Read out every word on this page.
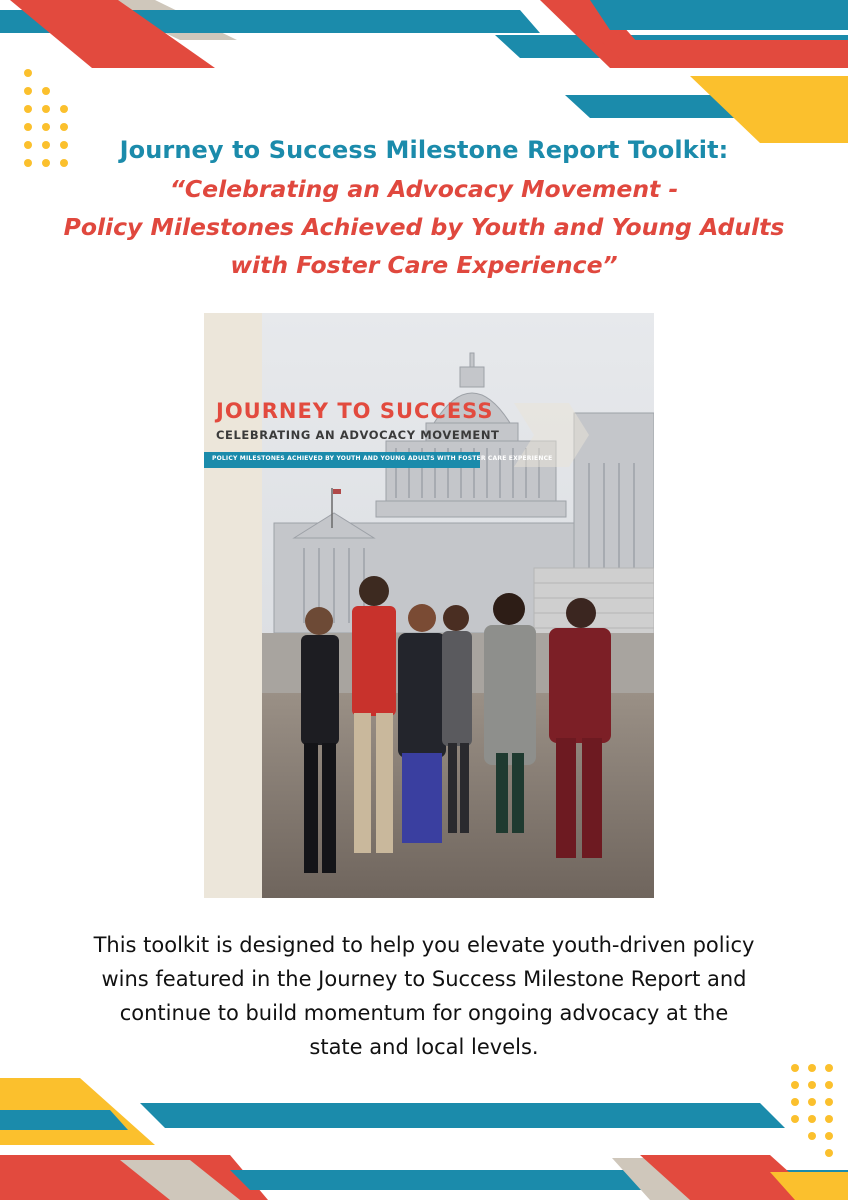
Journey to Success Milestone Report Toolkit:

“Celebrating an Advocacy Movement -

Policy Milestones Achieved by Youth and Young Adults

with Foster Care Experience”

JOURNEY TO SUCCESS
CELEBRATING AN ADVOCACY MOVEMENT
POLICY MILESTONES ACHIEVED BY YOUTH AND YOUNG ADULTS WITH FOSTER CARE EXPERIENCE

This toolkit is designed to help you elevate youth-driven policy wins featured in the Journey to Success Milestone Report and continue to build momentum for ongoing advocacy at the state and local levels.
